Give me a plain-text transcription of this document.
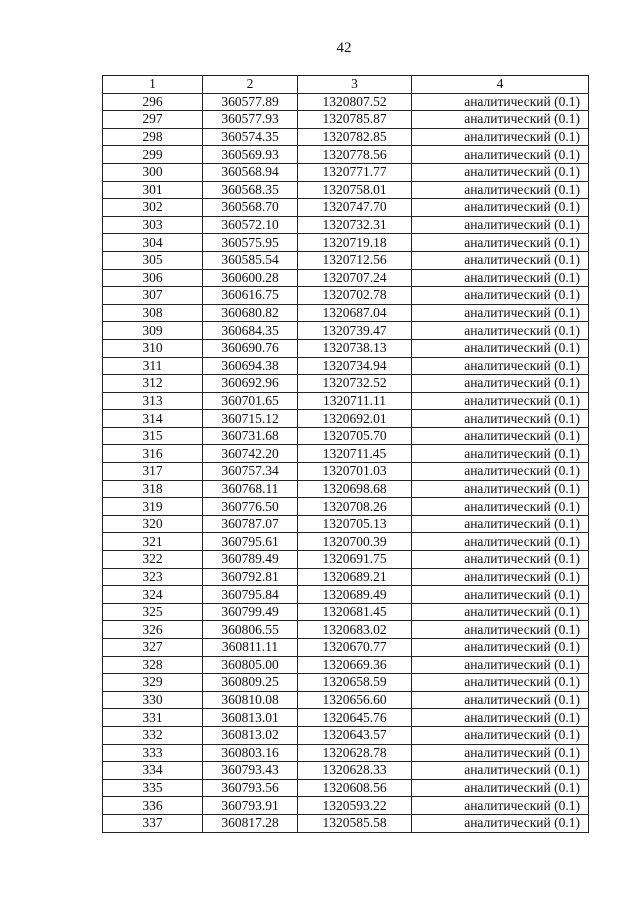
42
1	2	3	4
296	360577.89	1320807.52	аналитический (0.1)
297	360577.93	1320785.87	аналитический (0.1)
298	360574.35	1320782.85	аналитический (0.1)
299	360569.93	1320778.56	аналитический (0.1)
300	360568.94	1320771.77	аналитический (0.1)
301	360568.35	1320758.01	аналитический (0.1)
302	360568.70	1320747.70	аналитический (0.1)
303	360572.10	1320732.31	аналитический (0.1)
304	360575.95	1320719.18	аналитический (0.1)
305	360585.54	1320712.56	аналитический (0.1)
306	360600.28	1320707.24	аналитический (0.1)
307	360616.75	1320702.78	аналитический (0.1)
308	360680.82	1320687.04	аналитический (0.1)
309	360684.35	1320739.47	аналитический (0.1)
310	360690.76	1320738.13	аналитический (0.1)
311	360694.38	1320734.94	аналитический (0.1)
312	360692.96	1320732.52	аналитический (0.1)
313	360701.65	1320711.11	аналитический (0.1)
314	360715.12	1320692.01	аналитический (0.1)
315	360731.68	1320705.70	аналитический (0.1)
316	360742.20	1320711.45	аналитический (0.1)
317	360757.34	1320701.03	аналитический (0.1)
318	360768.11	1320698.68	аналитический (0.1)
319	360776.50	1320708.26	аналитический (0.1)
320	360787.07	1320705.13	аналитический (0.1)
321	360795.61	1320700.39	аналитический (0.1)
322	360789.49	1320691.75	аналитический (0.1)
323	360792.81	1320689.21	аналитический (0.1)
324	360795.84	1320689.49	аналитический (0.1)
325	360799.49	1320681.45	аналитический (0.1)
326	360806.55	1320683.02	аналитический (0.1)
327	360811.11	1320670.77	аналитический (0.1)
328	360805.00	1320669.36	аналитический (0.1)
329	360809.25	1320658.59	аналитический (0.1)
330	360810.08	1320656.60	аналитический (0.1)
331	360813.01	1320645.76	аналитический (0.1)
332	360813.02	1320643.57	аналитический (0.1)
333	360803.16	1320628.78	аналитический (0.1)
334	360793.43	1320628.33	аналитический (0.1)
335	360793.56	1320608.56	аналитический (0.1)
336	360793.91	1320593.22	аналитический (0.1)
337	360817.28	1320585.58	аналитический (0.1)
